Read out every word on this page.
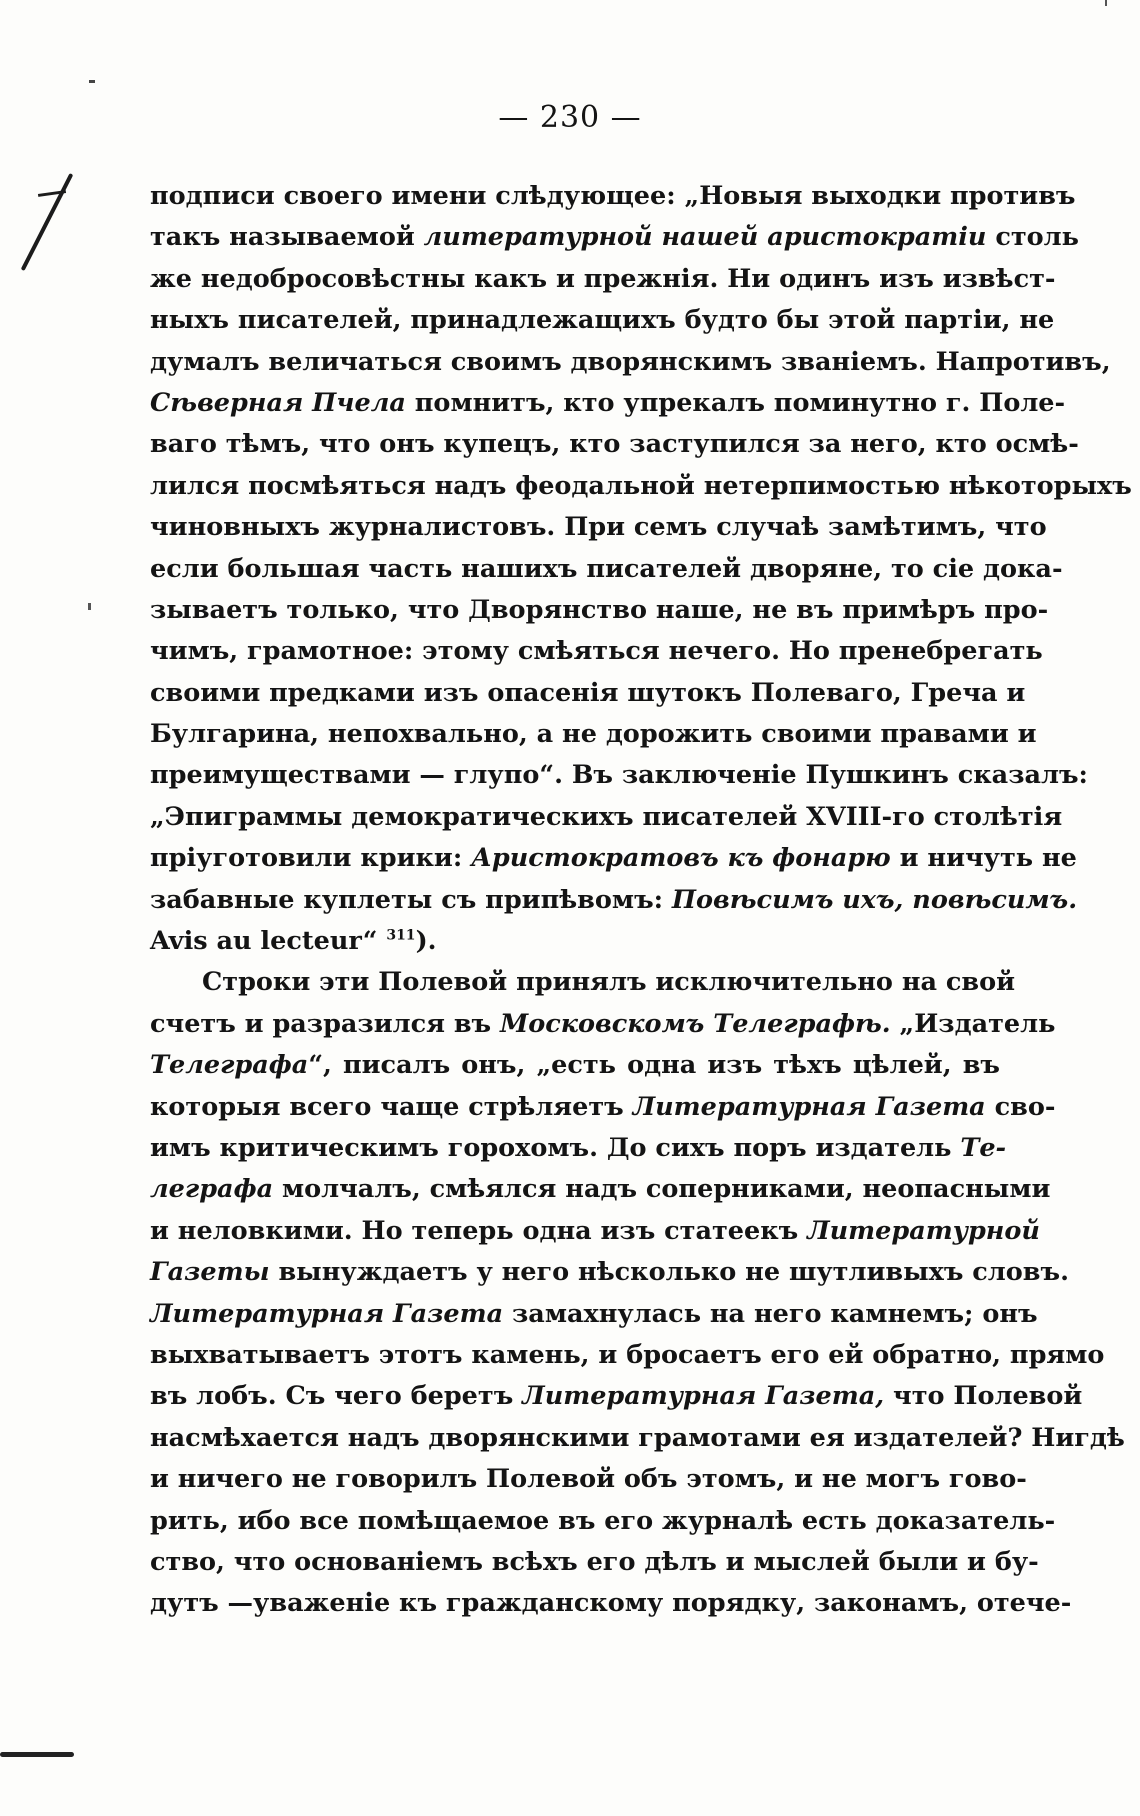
— 230 —
подписи своего имени слѣдующее: „Новыя выходки противъ
такъ называемой литературной нашей аристократіи столь
же недобросовѣстны какъ и прежнія. Ни одинъ изъ извѣст-
ныхъ писателей, принадлежащихъ будто бы этой партіи, не
думалъ величаться своимъ дворянскимъ званіемъ. Напротивъ,
Сѣверная Пчела помнитъ, кто упрекалъ поминутно г. Поле-
ваго тѣмъ, что онъ купецъ, кто заступился за него, кто осмѣ-
лился посмѣяться надъ феодальной нетерпимостью нѣкоторыхъ
чиновныхъ журналистовъ. При семъ случаѣ замѣтимъ, что
если большая часть нашихъ писателей дворяне, то сіе дока-
зываетъ только, что Дворянство наше, не въ примѣръ про-
чимъ, грамотное: этому смѣяться нечего. Но пренебрегать
своими предками изъ опасенія шутокъ Полеваго, Греча и
Булгарина, непохвально, а не дорожить своими правами и
преимуществами — глупо“. Въ заключеніе Пушкинъ сказалъ:
„Эпиграммы демократическихъ писателей XVIII-го столѣтія
пріуготовили крики: Аристократовъ къ фонарю и ничуть не
забавные куплеты съ припѣвомъ: Повѣсимъ ихъ, повѣсимъ.
Avis au lecteur“ $^{311}$).
Строки эти Полевой принялъ исключительно на свой
счетъ и разразился въ Московскомъ Телеграфѣ. „Издатель
Телеграфа“, писалъ онъ, „есть одна изъ тѣхъ цѣлей, въ
которыя всего чаще стрѣляетъ Литературная Газета сво-
имъ критическимъ горохомъ. До сихъ поръ издатель Те-
леграфа молчалъ, смѣялся надъ соперниками, неопасными
и неловкими. Но теперь одна изъ статеекъ Литературной
Газеты вынуждаетъ у него нѣсколько не шутливыхъ словъ.
Литературная Газета замахнулась на него камнемъ; онъ
выхватываетъ этотъ камень, и бросаетъ его ей обратно, прямо
въ лобъ. Съ чего беретъ Литературная Газета, что Полевой
насмѣхается надъ дворянскими грамотами ея издателей? Нигдѣ
и ничего не говорилъ Полевой объ этомъ, и не могъ гово-
рить, ибо все помѣщаемое въ его журналѣ есть доказатель-
ство, что основаніемъ всѣхъ его дѣлъ и мыслей были и бу-
дутъ —уваженіе къ гражданскому порядку, законамъ, отече-
